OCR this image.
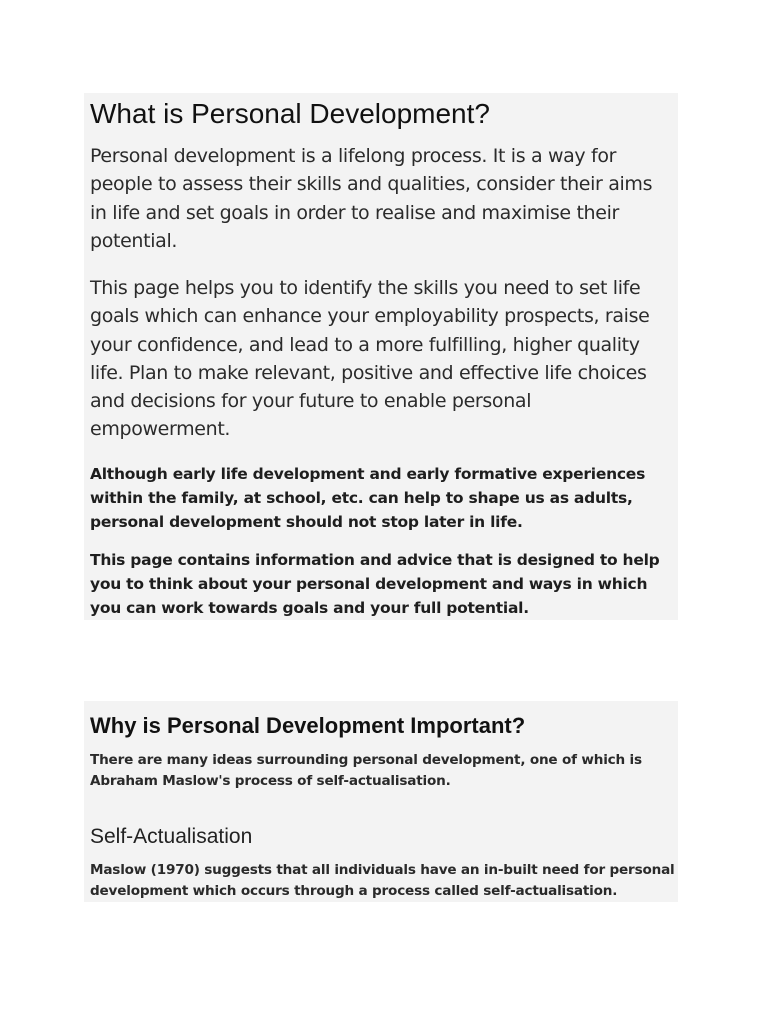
What is Personal Development?

Personal development is a lifelong process. It is a way for people to assess their skills and qualities, consider their aims in life and set goals in order to realise and maximise their potential.

This page helps you to identify the skills you need to set life goals which can enhance your employability prospects, raise your confidence, and lead to a more fulfilling, higher quality life. Plan to make relevant, positive and effective life choices and decisions for your future to enable personal empowerment.

Although early life development and early formative experiences within the family, at school, etc. can help to shape us as adults, personal development should not stop later in life.

This page contains information and advice that is designed to help you to think about your personal development and ways in which you can work towards goals and your full potential.

Why is Personal Development Important?

There are many ideas surrounding personal development, one of which is Abraham Maslow's process of self-actualisation.

Self-Actualisation

Maslow (1970) suggests that all individuals have an in-built need for personal development which occurs through a process called self-actualisation.
